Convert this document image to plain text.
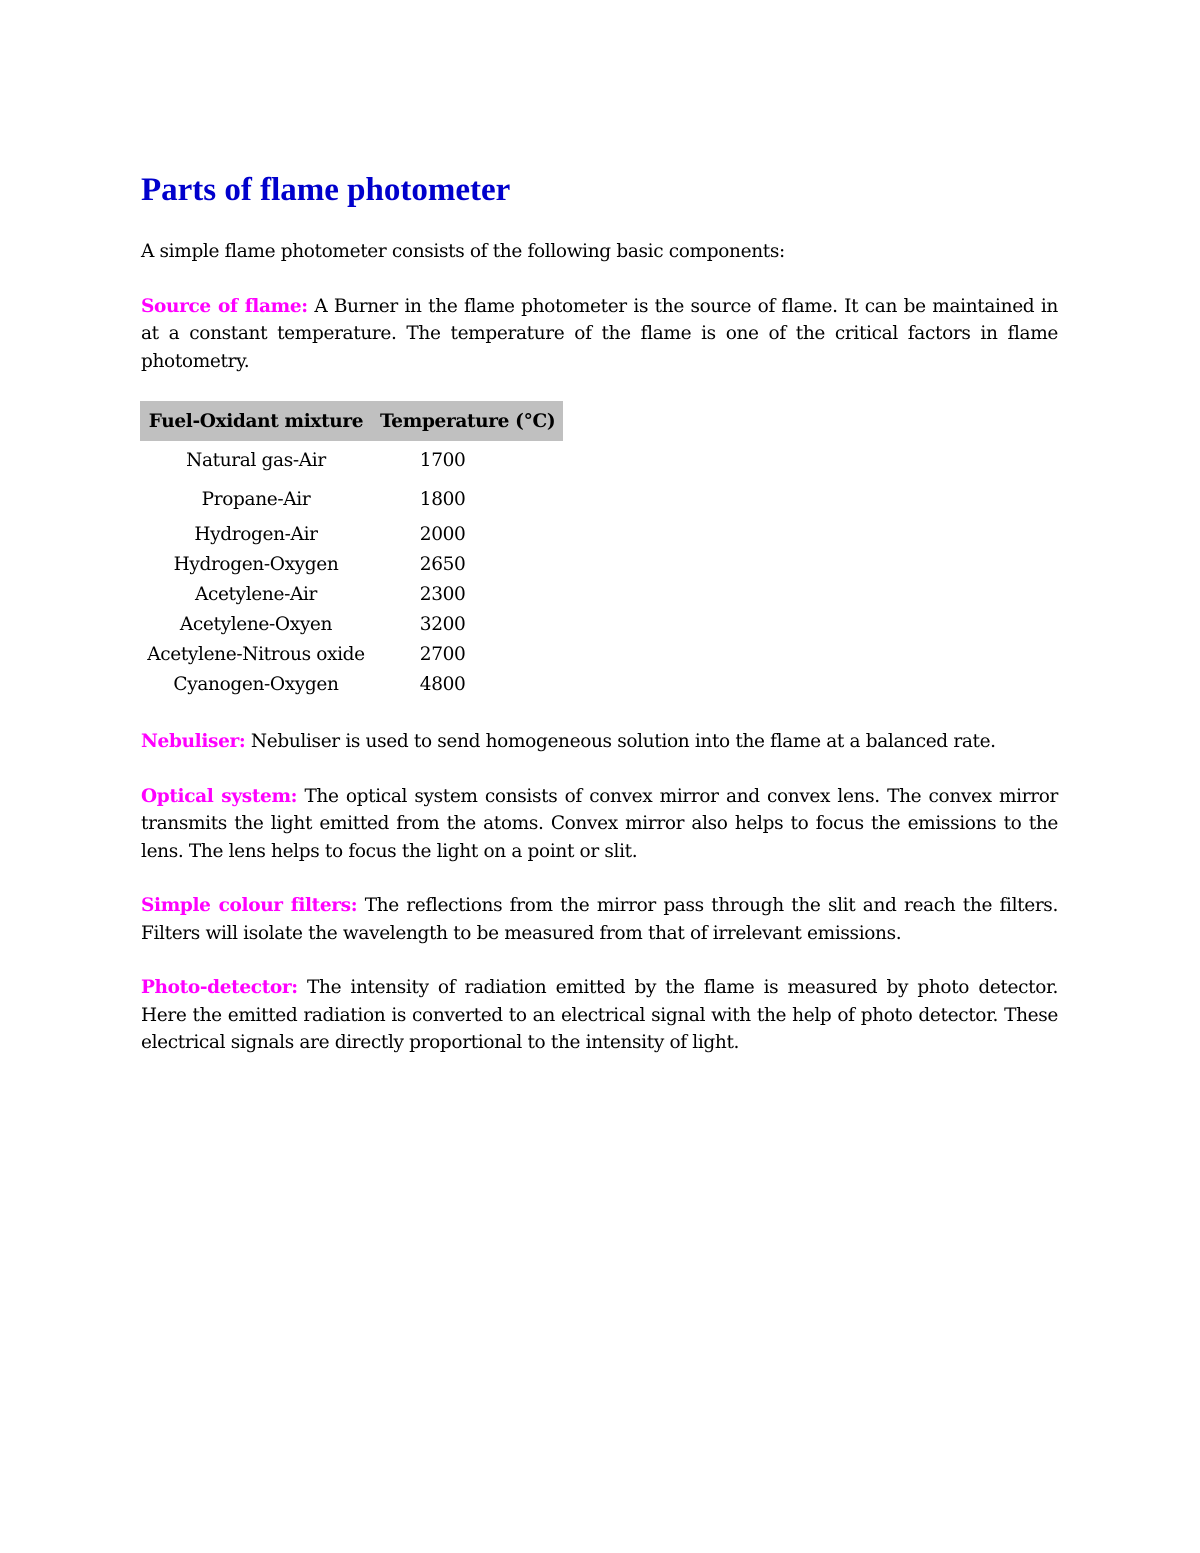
Parts of flame photometer

A simple flame photometer consists of the following basic components:

Source of flame: A Burner in the flame photometer is the source of flame. It can be maintained in at a constant temperature. The temperature of the flame is one of the critical factors in flame photometry.

Fuel-Oxidant mixture	Temperature (°C)
Natural gas-Air	1700
Propane-Air	1800
Hydrogen-Air	2000
Hydrogen-Oxygen	2650
Acetylene-Air	2300
Acetylene-Oxyen	3200
Acetylene-Nitrous oxide	2700
Cyanogen-Oxygen	4800

Nebuliser: Nebuliser is used to send homogeneous solution into the flame at a balanced rate.

Optical system: The optical system consists of convex mirror and convex lens. The convex mirror transmits the light emitted from the atoms. Convex mirror also helps to focus the emissions to the lens. The lens helps to focus the light on a point or slit.

Simple colour filters: The reflections from the mirror pass through the slit and reach the filters. Filters will isolate the wavelength to be measured from that of irrelevant emissions.

Photo-detector: The intensity of radiation emitted by the flame is measured by photo detector. Here the emitted radiation is converted to an electrical signal with the help of photo detector. These electrical signals are directly proportional to the intensity of light.
